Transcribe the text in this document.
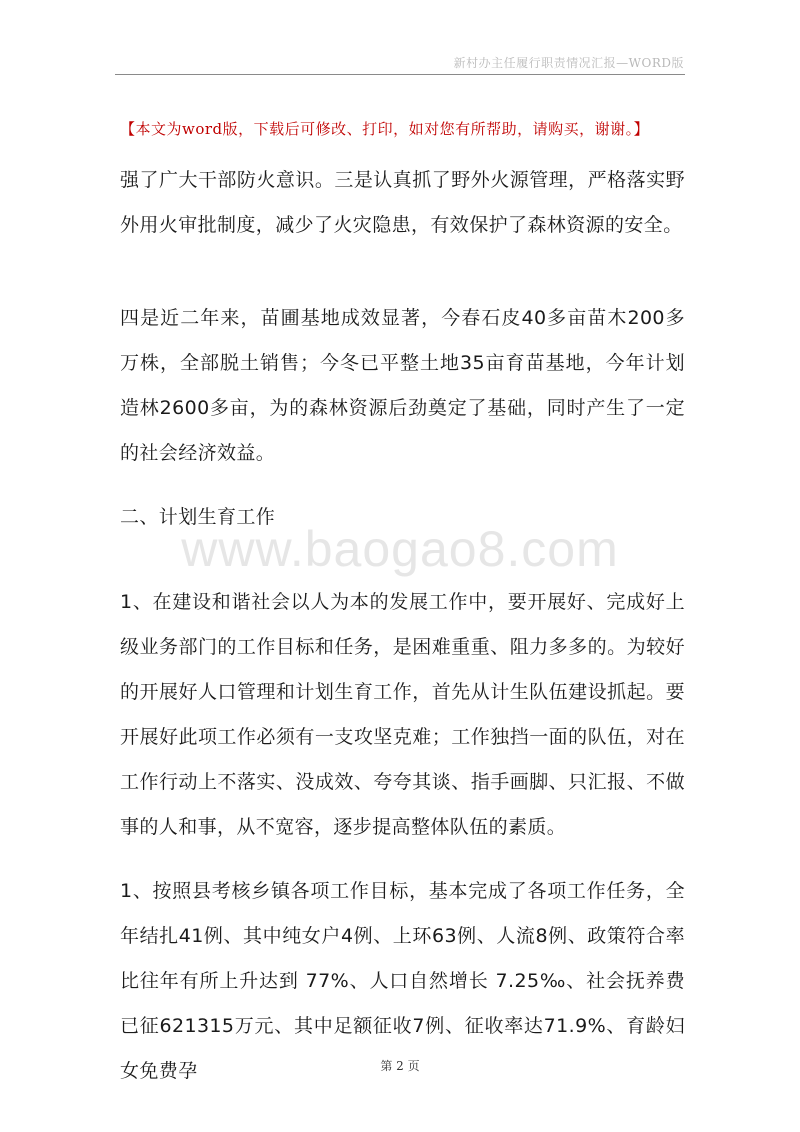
新村办主任履行职责情况汇报—WORD版
【本文为word版，下载后可修改、打印，如对您有所帮助，请购买，谢谢。】

强了广大干部防火意识。三是认真抓了野外火源管理，严格落实野外用火审批制度，减少了火灾隐患，有效保护了森林资源的安全。

四是近二年来，苗圃基地成效显著，今春石皮40多亩苗木200多万株，全部脱土销售；今冬已平整土地35亩育苗基地，今年计划造林2600多亩，为的森林资源后劲奠定了基础，同时产生了一定的社会经济效益。

二、计划生育工作

www.baogao8.com

1、在建设和谐社会以人为本的发展工作中，要开展好、完成好上级业务部门的工作目标和任务，是困难重重、阻力多多的。为较好的开展好人口管理和计划生育工作，首先从计生队伍建设抓起。要开展好此项工作必须有一支攻坚克难；工作独挡一面的队伍，对在工作行动上不落实、没成效、夸夸其谈、指手画脚、只汇报、不做事的人和事，从不宽容，逐步提高整体队伍的素质。

1、按照县考核乡镇各项工作目标，基本完成了各项工作任务，全年结扎41例、其中纯女户4例、上环63例、人流8例、政策符合率比往年有所上升达到 77%、人口自然增长 7.25‰、社会抚养费已征621315万元、其中足额征收7例、征收率达71.9%、育龄妇女免费孕	第 2 页
